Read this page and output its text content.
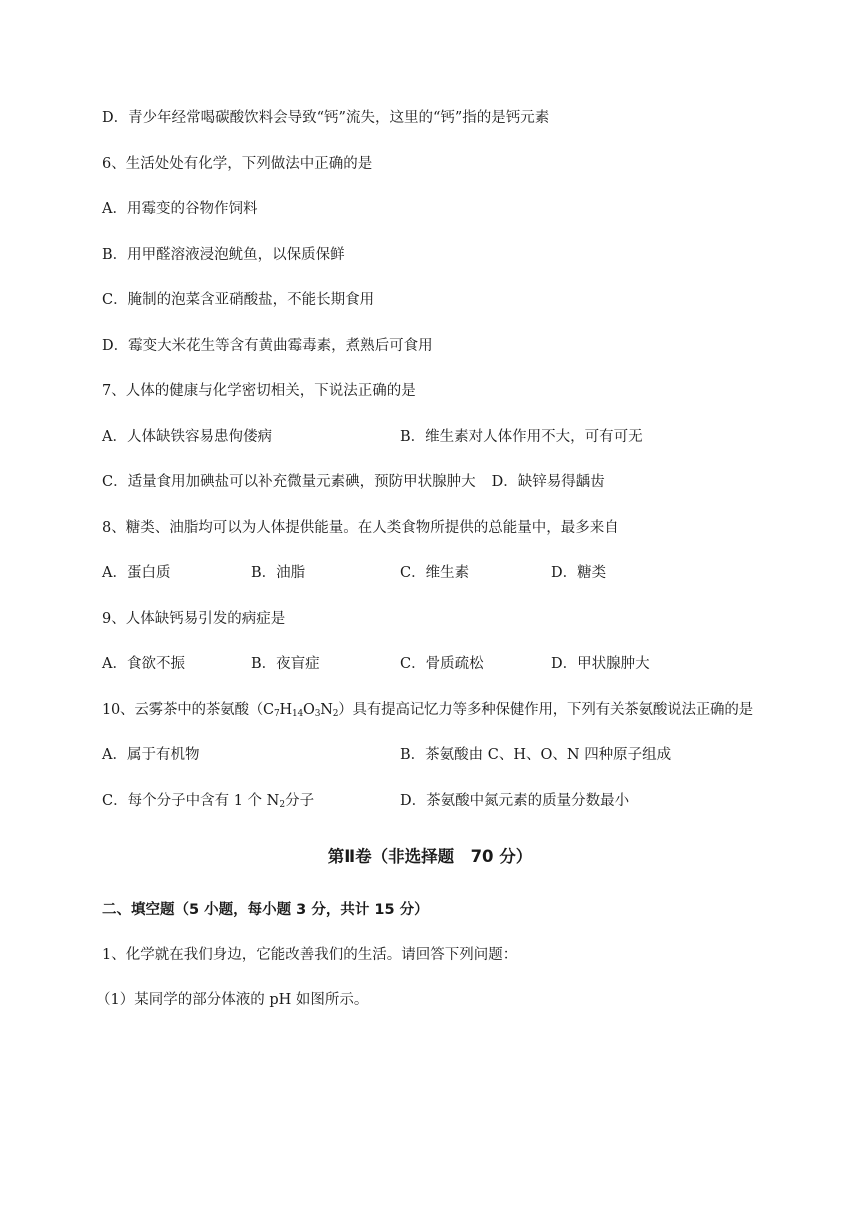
D．青少年经常喝碳酸饮料会导致“钙”流失，这里的“钙”指的是钙元素
6、生活处处有化学，下列做法中正确的是
A．用霉变的谷物作饲料
B．用甲醛溶液浸泡鱿鱼，以保质保鲜
C．腌制的泡菜含亚硝酸盐，不能长期食用
D．霉变大米花生等含有黄曲霉毒素，煮熟后可食用
7、人体的健康与化学密切相关，下说法正确的是
A．人体缺铁容易患佝偻病	B．维生素对人体作用不大，可有可无
C．适量食用加碘盐可以补充微量元素碘，预防甲状腺肿大 D．缺锌易得龋齿
8、糖类、油脂均可以为人体提供能量。在人类食物所提供的总能量中，最多来自
A．蛋白质	B．油脂	C．维生素	D．糖类
9、人体缺钙易引发的病症是
A．食欲不振	B．夜盲症	C．骨质疏松	D．甲状腺肿大
10、云雾茶中的茶氨酸$(C_7H_{14}O_3N_2)$具有提高记忆力等多种保健作用，下列有关茶氨酸说法正确的是
A．属于有机物	B．茶氨酸由 C、H、O、N 四种原子组成
C．每个分子中含有 1 个 $N_2$分子	D．茶氨酸中氮元素的质量分数最小
第Ⅱ卷（非选择题　70 分）
二、填空题（5 小题，每小题 3 分，共计 15 分）
1、化学就在我们身边，它能改善我们的生活。请回答下列问题：
（1）某同学的部分体液的 pH 如图所示。
